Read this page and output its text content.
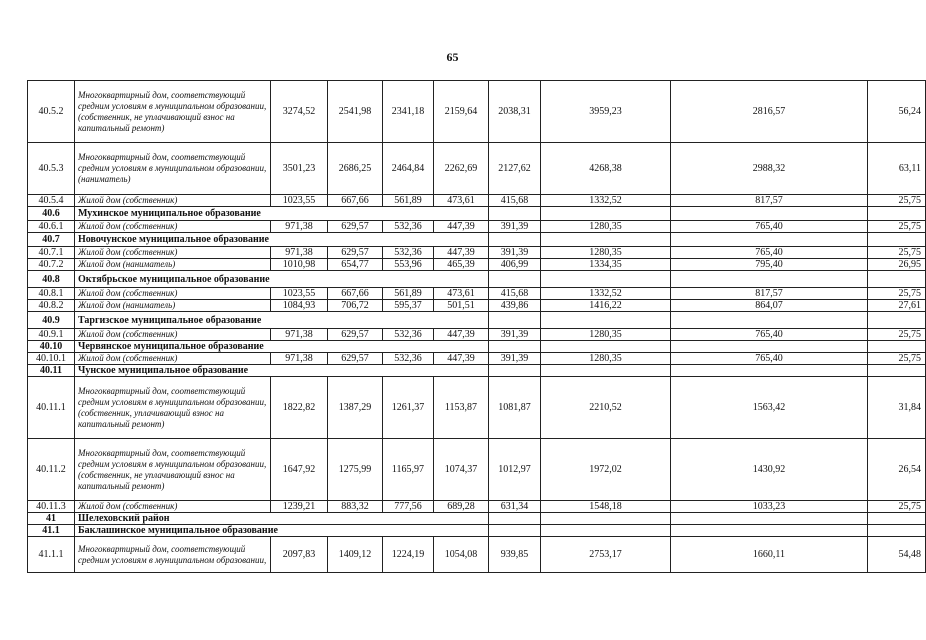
65
40.5.2	Многоквартирный дом, соответствующий средним условиям в муниципальном образовании, (собственник, не уплачивающий взнос на капитальный ремонт)	3274,52	2541,98	2341,18	2159,64	2038,31	3959,23	2816,57	56,24
40.5.3	Многоквартирный дом, соответствующий средним условиям в муниципальном образовании, (наниматель)	3501,23	2686,25	2464,84	2262,69	2127,62	4268,38	2988,32	63,11
40.5.4	Жилой дом (собственник)	1023,55	667,66	561,89	473,61	415,68	1332,52	817,57	25,75
40.6	Мухинское муниципальное образование								
40.6.1	Жилой дом (собственник)	971,38	629,57	532,36	447,39	391,39	1280,35	765,40	25,75
40.7	Новочунское муниципальное образование								
40.7.1	Жилой дом (собственник)	971,38	629,57	532,36	447,39	391,39	1280,35	765,40	25,75
40.7.2	Жилой дом (наниматель)	1010,98	654,77	553,96	465,39	406,99	1334,35	795,40	26,95
40.8	Октябрьское муниципальное образование								
40.8.1	Жилой дом (собственник)	1023,55	667,66	561,89	473,61	415,68	1332,52	817,57	25,75
40.8.2	Жилой дом (наниматель)	1084,93	706,72	595,37	501,51	439,86	1416,22	864,07	27,61
40.9	Таргизское муниципальное образование								
40.9.1	Жилой дом (собственник)	971,38	629,57	532,36	447,39	391,39	1280,35	765,40	25,75
40.10	Червянское муниципальное образование								
40.10.1	Жилой дом (собственник)	971,38	629,57	532,36	447,39	391,39	1280,35	765,40	25,75
40.11	Чунское муниципальное образование								
40.11.1	Многоквартирный дом, соответствующий средним условиям в муниципальном образовании, (собственник, уплачивающий взнос на капитальный ремонт)	1822,82	1387,29	1261,37	1153,87	1081,87	2210,52	1563,42	31,84
40.11.2	Многоквартирный дом, соответствующий средним условиям в муниципальном образовании, (собственник, не уплачивающий взнос на капитальный ремонт)	1647,92	1275,99	1165,97	1074,37	1012,97	1972,02	1430,92	26,54
40.11.3	Жилой дом (собственник)	1239,21	883,32	777,56	689,28	631,34	1548,18	1033,23	25,75
41	Шелеховский район								
41.1	Баклашинское муниципальное образование								
41.1.1	Многоквартирный дом, соответствующий средним условиям в муниципальном образовании,	2097,83	1409,12	1224,19	1054,08	939,85	2753,17	1660,11	54,48
